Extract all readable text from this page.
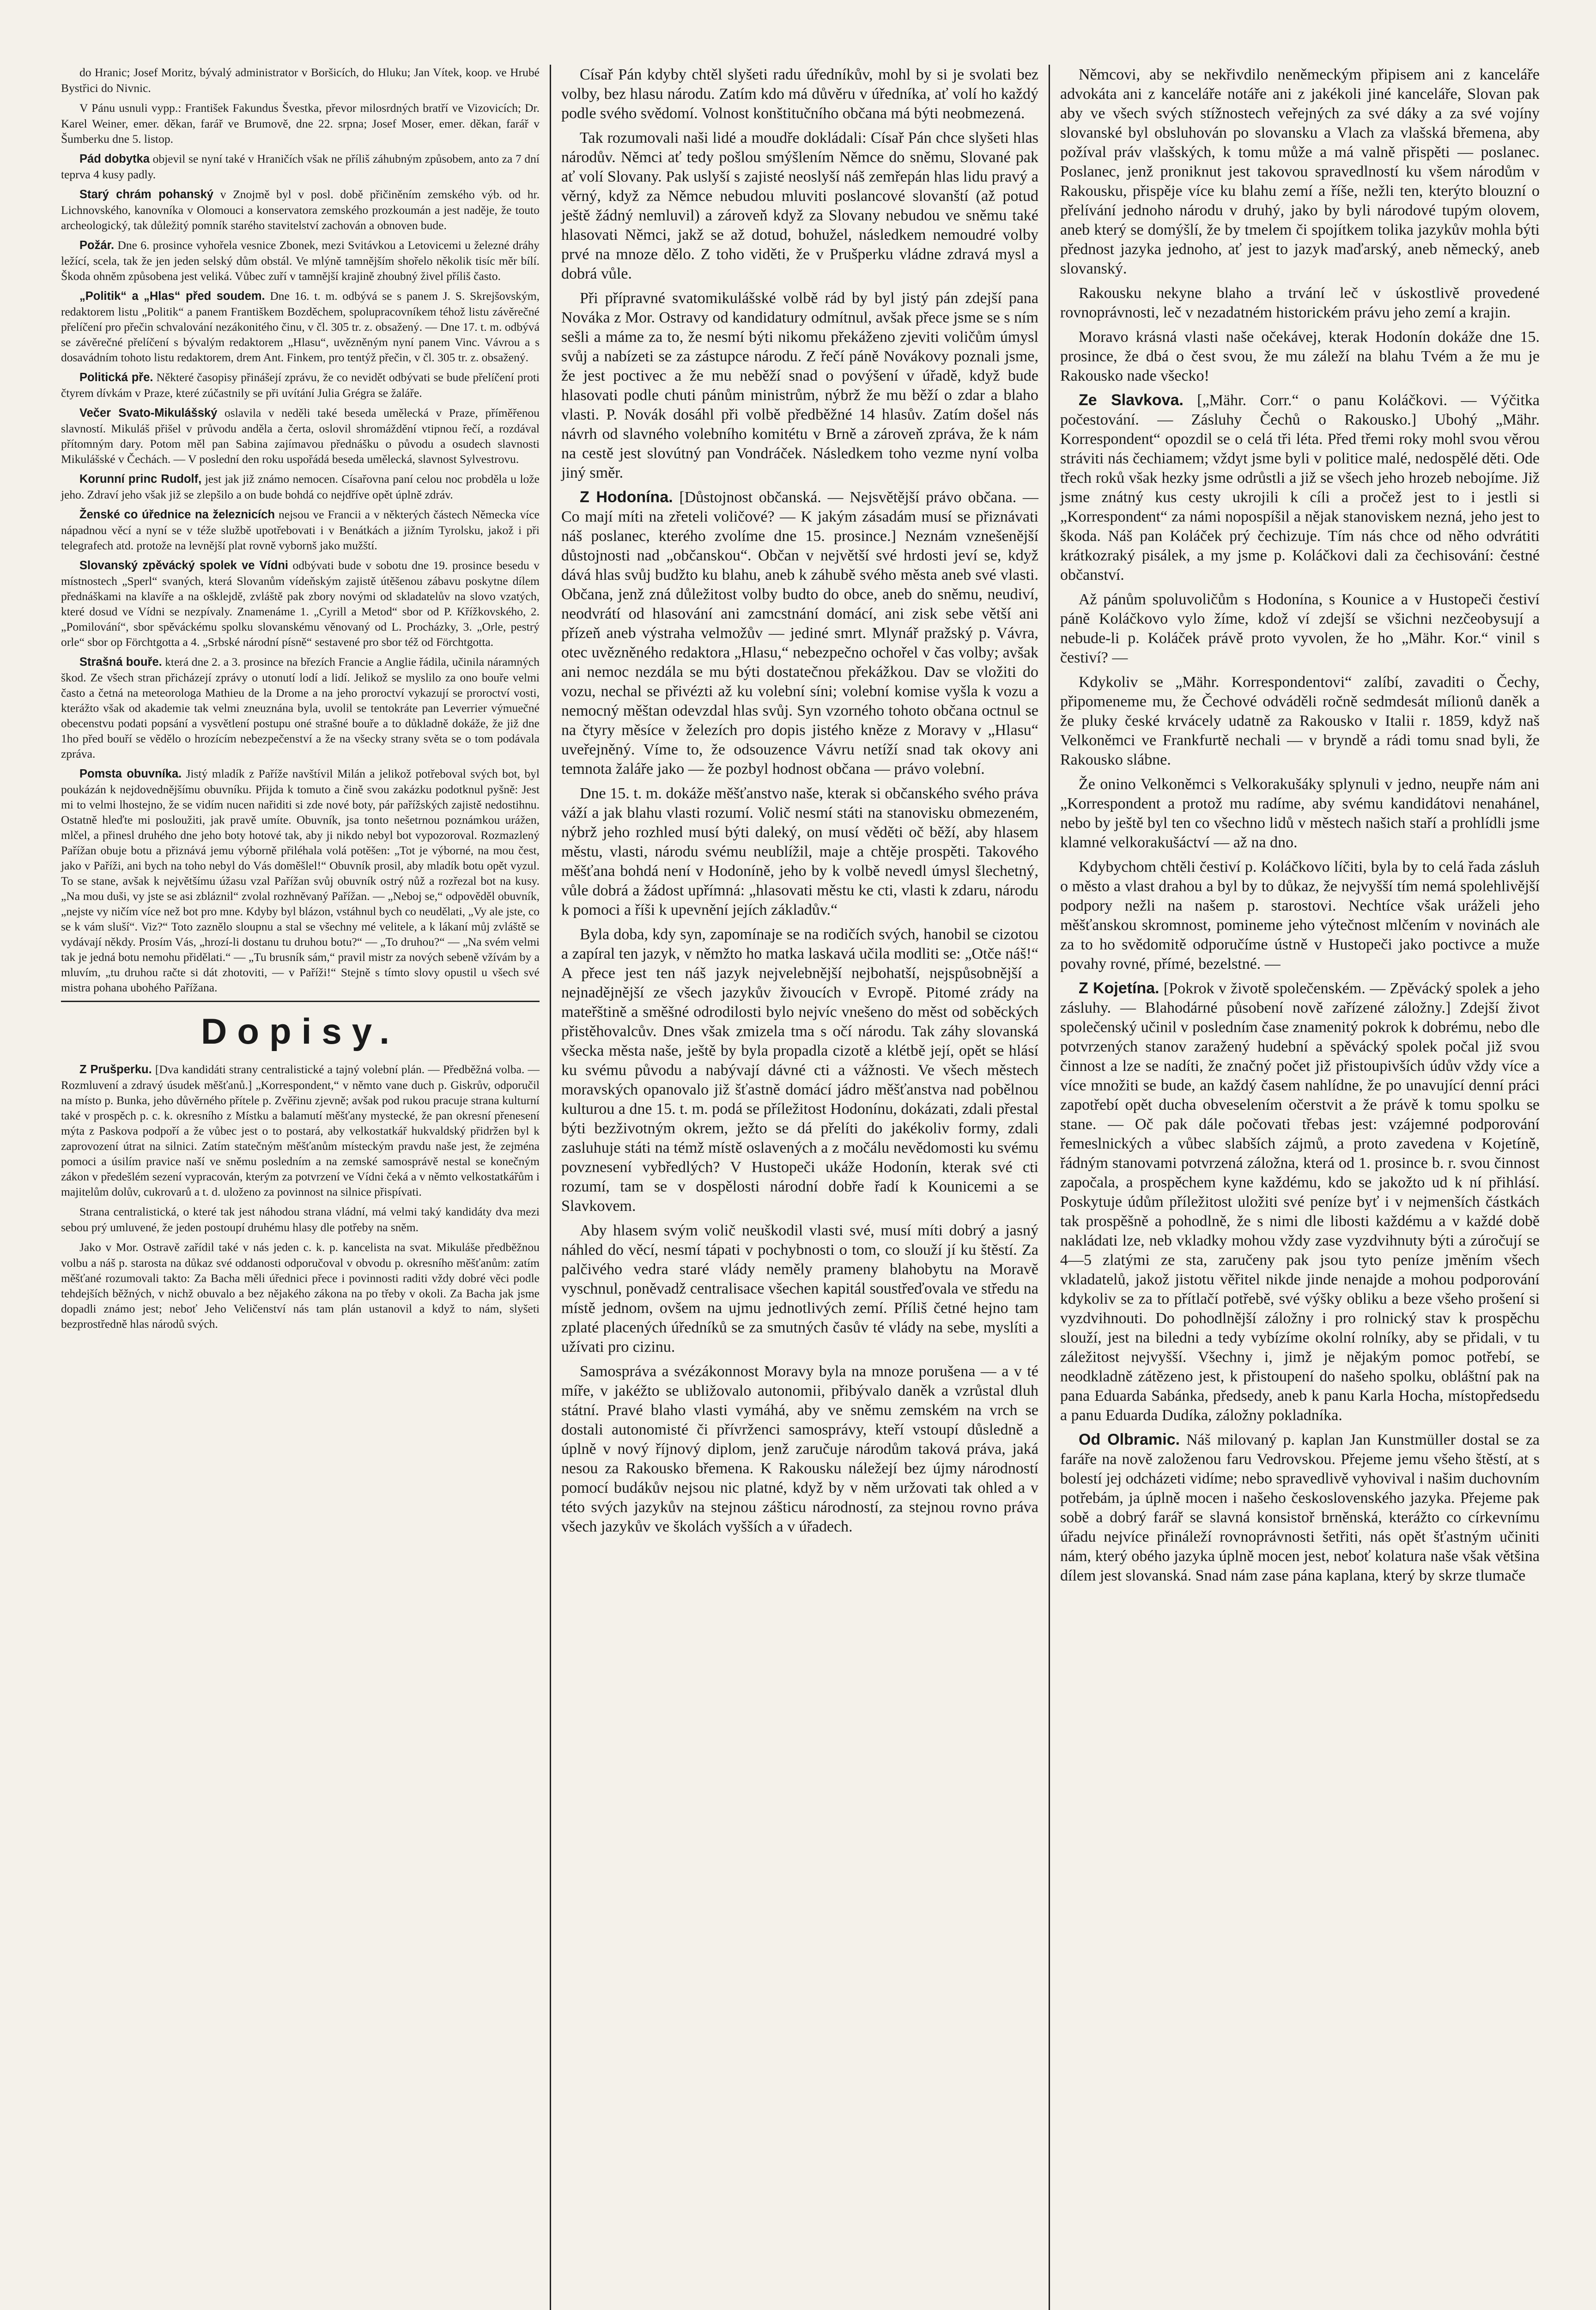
do Hranic; Josef Moritz, bývalý administrator v Boršicích, do Hluku; Jan Vítek, koop. ve Hrubé Bystřici do Nivnic.

V Pánu usnuli vypp.: František Fakundus Švestka, převor milosrdných bratří ve Vizovicích; Dr. Karel Weiner, emer. děkan, farář ve Brumově, dne 22. srpna; Josef Moser, emer. děkan, farář v Šumberku dne 5. listop.

Pád dobytka objevil se nyní také v Hraničích však ne příliš záhubným způsobem, anto za 7 dní teprva 4 kusy padly.

Starý chrám pohanský v Znojmě byl v posl. době přičiněním zemského výb. od hr. Lichnovského, kanovníka v Olomouci a konservatora zemského prozkoumán a jest naděje, že touto archeologický, tak důležitý pomník starého stavitelství zachován a obnoven bude.

Požár. Dne 6. prosince vyhořela vesnice Zbonek, mezi Svitávkou a Letovicemi u železné dráhy ležící, scela, tak že jen jeden selský dům obstál. Ve mlýně tamnějším shořelo několik tisíc měr bílí. Škoda ohněm způsobena jest veliká. Vůbec zuří v tamnější krajině zhoubný živel příliš často.

„Politik“ a „Hlas“ před soudem. Dne 16. t. m. odbývá se s panem J. S. Skrejšovským, redaktorem listu „Politik“ a panem Františkem Bozděchem, spolupracovníkem téhož listu závěrečné přelíčení pro přečin schvalování nezákonitého činu, v čl. 305 tr. z. obsažený. — Dne 17. t. m. odbývá se závěrečné přelíčení s bývalým redaktorem „Hlasu“, uvězněným nyní panem Vinc. Vávrou a s dosavádním tohoto listu redaktorem, drem Ant. Finkem, pro tentýž přečin, v čl. 305 tr. z. obsažený.

Politická pře. Některé časopisy přinášejí zprávu, že co nevidět odbývati se bude přelíčení proti čtyrem dívkám v Praze, které zúčastnily se při uvítání Julia Grégra se žaláře.

Večer Svato-Mikulášský oslavila v neděli také beseda umělecká v Praze, příměřenou slavností. Mikuláš přišel v průvodu anděla a čerta, oslovil shromáždění vtipnou řečí, a rozdával přítomným dary. Potom měl pan Sabina zajímavou přednášku o původu a osudech slavnosti Mikulášské v Čechách. — V poslední den roku uspořádá beseda umělecká, slavnost Sylvestrovu.

Korunní princ Rudolf, jest jak již známo nemocen. Císařovna paní celou noc probděla u lože jeho. Zdraví jeho však již se zlepšilo a on bude bohdá co nejdříve opět úplně zdráv.

Ženské co úřednice na železnicích nejsou ve Francii a v některých částech Německa více nápadnou věcí a nyní se v téže službě upotřebovati i v Benátkách a jižním Tyrolsku, jakož i při telegrafech atd. protože na levnější plat rovně vybornš jako mužští.

Slovanský zpěvácký spolek ve Vídni odbývati bude v sobotu dne 19. prosince besedu v místnostech „Sperl“ svaných, která Slovanům vídeňským zajistě útěšenou zábavu poskytne dílem přednáškami na klavíře a na ošklejdě, zvláště pak zbory novými od skladatelův na slovo vzatých, které dosud ve Vídni se nezpívaly. Znamenáme 1. „Cyrill a Metod“ sbor od P. Křížkovského, 2. „Pomilování“, sbor spěváckému spolku slovanskému věnovaný od L. Procházky, 3. „Orle, pestrý orle“ sbor op Förchtgotta a 4. „Srbské národní písně“ sestavené pro sbor též od Förchtgotta.

Strašná bouře. která dne 2. a 3. prosince na březích Francie a Anglie řádila, učinila náramných škod. Ze všech stran přicházejí zprávy o utonutí lodí a lidí. Jelikož se myslilo za ono bouře velmi často a četná na meteorologa Mathieu de la Drome a na jeho proroctví vykazují se proroctví vosti, kterážto však od akademie tak velmi zneuznána byla, uvolil se tentokráte pan Leverrier výmuečné obecenstvu podati popsání a vysvětlení postupu oné strašné bouře a to důkladně dokáže, že již dne 1ho před bouří se vědělo o hrozícím nebezpečenství a že na všecky strany světa se o tom podávala zpráva.

Pomsta obuvníka. Jistý mladík z Paříže navštívil Milán a jelikož potřeboval svých bot, byl poukázán k nejdovednějšímu obuvníku. Přijda k tomuto a čině svou zakázku podotknul pyšně: Jest mi to velmi lhostejno, že se vidím nucen nařiditi si zde nové boty, pár pařížských zajistě nedostihnu. Ostatně hleďte mi posloužiti, jak pravě umíte. Obuvník, jsa tonto nešetrnou poznámkou urážen, mlčel, a přinesl druhého dne jeho boty hotové tak, aby ji nikdo nebyl bot vypozoroval. Rozmazlený Pařížan obuje botu a přiznává jemu výborně přiléhala volá potěšen: „Tot je výborné, na mou čest, jako v Paříži, ani bych na toho nebyl do Vás doměšlel!“ Obuvník prosil, aby mladík botu opět vyzul. To se stane, avšak k největšímu úžasu vzal Pařížan svůj obuvník ostrý nůž a rozřezal bot na kusy. „Na mou duši, vy jste se asi zbláznil“ zvolal rozhněvaný Pařížan. — „Neboj se,“ odpověděl obuvník, „nejste vy ničím více než bot pro mne. Kdyby byl blázon, vstáhnul bych co neudělati, „Vy ale jste, co se k vám sluší“. Viz?“ Toto zaznělo sloupnu a stal se všechny mé velitele, a k lákaní můj zvláště se vydávají někdy. Prosím Vás, „hrozí-li dostanu tu druhou botu?“ — „To druhou?“ — „Na svém velmi tak je jedná botu nemohu přidělati.“ — „Tu brusník sám,“ pravil mistr za nových sebeně vžívám by a mluvím, „tu druhou račte si dát zhotoviti, — v Paříži!“ Stejně s tímto slovy opustil u všech své mistra pohana ubohého Pařížana.

Dopisy.

Z Prušperku. [Dva kandidáti strany centralistické a tajný volební plán. — Předběžná volba. — Rozmluvení a zdravý úsudek měšťanů.] „Korrespondent,“ v němto vane duch p. Giskrův, odporučil na místo p. Bunka, jeho důvěrného přítele p. Zvěřinu zjevně; avšak pod rukou pracuje strana kulturní také v prospěch p. c. k. okresního z Místku a balamutí měšťany mystecké, že pan okresní přenesení mýta z Paskova podpoří a že vůbec jest o to postará, aby velkostatkář hukvaldský přidržen byl k zaprovození útrat na silnici. Zatím statečným měšťanům místeckým pravdu naše jest, že zejména pomoci a úsilím pravice naší ve sněmu posledním a na zemské samosprávě nestal se konečným zákon v předešlém sezení vypracován, kterým za potvrzení ve Vídni čeká a v němto velkostatkářům i majitelům dolův, cukrovarů a t. d. uloženo za povinnost na silnice přispívati.

Strana centralistická, o které tak jest náhodou strana vládní, má velmi taký kandidáty dva mezi sebou prý umluvené, že jeden postoupí druhému hlasy dle potřeby na sněm.

Jako v Mor. Ostravě zařídil také v nás jeden c. k. p. kancelista na svat. Mikuláše předběžnou volbu a náš p. starosta na důkaz své oddanosti odporučoval v obvodu p. okresního měšťanům: zatím měšťané rozumovali takto: Za Bacha měli úřednici přece i povinnosti raditi vždy dobré věci podle tehdejších běžných, v nichž obuvalo a bez nějakého zákona na po třeby v okoli. Za Bacha jak jsme dopadli známo jest; neboť Jeho Veličenství nás tam plán ustanovil a když to nám, slyšeti bezprostředně hlas národů svých.

Císař Pán kdyby chtěl slyšeti radu úředníkův, mohl by si je svolati bez volby, bez hlasu národu. Zatím kdo má důvěru v úředníka, ať volí ho každý podle svého svědomí. Volnost konštitučního občana má býti neobmezená.

Tak rozumovali naši lidé a moudře dokládali: Císař Pán chce slyšeti hlas národův. Němci ať tedy pošlou smýšlením Němce do sněmu, Slované pak ať volí Slovany. Pak uslyší s zajisté neoslyší náš zemřepán hlas lidu pravý a věrný, když za Němce nebudou mluviti poslancové slovanští (až potud ještě žádný nemluvil) a zároveň když za Slovany nebudou ve sněmu také hlasovati Němci, jakž se až dotud, bohužel, následkem nemoudré volby prvé na mnoze dělo. Z toho viděti, že v Prušperku vládne zdravá mysl a dobrá vůle.

Při přípravné svatomikulášské volbě rád by byl jistý pán zdejší pana Nováka z Mor. Ostravy od kandidatury odmítnul, avšak přece jsme se s ním sešli a máme za to, že nesmí býti nikomu překáženo zjeviti voličům úmysl svůj a nabízeti se za zástupce národu. Z řečí páně Novákovy poznali jsme, že jest poctivec a že mu neběží snad o povýšení v úřadě, když bude hlasovati podle chuti pánům ministrům, nýbrž že mu běží o zdar a blaho vlasti. P. Novák dosáhl při volbě předběžné 14 hlasův. Zatím došel nás návrh od slavného volebního komitétu v Brně a zároveň zpráva, že k nám na cestě jest slovútný pan Vondráček. Následkem toho vezme nyní volba jiný směr.

Z Hodonína. [Důstojnost občanská. — Nejsvětější právo občana. — Co mají míti na zřeteli voličové? — K jakým zásadám musí se přiznávati náš poslanec, kterého zvolíme dne 15. prosince.] Neznám vznešenější důstojnosti nad „občanskou“. Občan v největší své hrdosti jeví se, když dává hlas svůj budžto ku blahu, aneb k záhubě svého města aneb své vlasti. Občana, jenž zná důležitost volby budto do obce, aneb do sněmu, neudiví, neodvrátí od hlasování ani zamcstnání domácí, ani zisk sebe větší ani přízeň aneb výstraha velmožův — jediné smrt. Mlynář pražský p. Vávra, otec uvězněného redaktora „Hlasu,“ nebezpečno ochořel v čas volby; avšak ani nemoc nezdála se mu býti dostatečnou překážkou. Dav se vložiti do vozu, nechal se přivézti až ku volební síni; volební komise vyšla k vozu a nemocný měštan odevzdal hlas svůj. Syn vzorného tohoto občana octnul se na čtyry měsíce v železích pro dopis jistého kněze z Moravy v „Hlasu“ uveřejněný. Víme to, že odsouzence Vávru netíží snad tak okovy ani temnota žaláře jako — že pozbyl hodnost občana — právo volební.

Dne 15. t. m. dokáže měšťanstvo naše, kterak si občanského svého práva váží a jak blahu vlasti rozumí. Volič nesmí státi na stanovisku obmezeném, nýbrž jeho rozhled musí býti daleký, on musí věděti oč běží, aby hlasem městu, vlasti, národu svému neublížil, maje a chtěje prospěti. Takového měšťana bohdá není v Hodoníně, jeho by k volbě nevedl úmysl šlechetný, vůle dobrá a žádost upřímná: „hlasovati městu ke cti, vlasti k zdaru, národu k pomoci a říši k upevnění jejích základův.“

Byla doba, kdy syn, zapomínaje se na rodičích svých, hanobil se cizotou a zapíral ten jazyk, v němžto ho matka laskavá učila modliti se: „Otče náš!“ A přece jest ten náš jazyk nejvelebnější nejbohatší, nejspůsobnější a nejnadějnější ze všech jazykův živoucích v Evropě. Pitomé zrády na mateřštině a směšné odrodilosti bylo nejvíc vnešeno do měst od soběckých přistěhovalcův. Dnes však zmizela tma s očí národu. Tak záhy slovanská všecka města naše, ještě by byla propadla cizotě a klétbě její, opět se hlásí ku svému původu a nabývají dávné cti a vážnosti. Ve všech městech moravských opanovalo již šťastně domácí jádro měšťanstva nad pobělnou kulturou a dne 15. t. m. podá se příležitost Hodonínu, dokázati, zdali přestal býti bezživotným okrem, ježto se dá přelíti do jakékoliv formy, zdali zasluhuje státi na témž místě oslavených a z močálu nevědomosti ku svému povznesení vybředlých? V Hustopeči ukáže Hodonín, kterak své cti rozumí, tam se v dospělosti národní dobře řadí k Kounicemi a se Slavkovem.

Aby hlasem svým volič neuškodil vlasti své, musí míti dobrý a jasný náhled do věcí, nesmí tápati v pochybnosti o tom, co slouží jí ku štěstí. Za palčivého vedra staré vlády neměly prameny blahobytu na Moravě vyschnul, poněvadž centralisace všechen kapitál soustřeďovala ve středu na místě jednom, ovšem na ujmu jednotlivých zemí. Příliš četné hejno tam zplaté placených úředníků se za smutných časův té vlády na sebe, myslíti a užívati pro cizinu.

Samospráva a svézákonnost Moravy byla na mnoze porušena — a v té míře, v jakéžto se ubližovalo autonomii, přibývalo daněk a vzrůstal dluh státní. Pravé blaho vlasti vymáhá, aby ve sněmu zemském na vrch se dostali autonomisté či přívrženci samosprávy, kteří vstoupí důsledně a úplně v nový říjnový diplom, jenž zaručuje národům taková práva, jaká nesou za Rakousko břemena. K Rakousku náležejí bez újmy národností pomocí budákův nejsou nic platné, když by v něm uržovati tak ohled a v této svých jazykův na stejnou zášticu národností, za stejnou rovno práva všech jazykův ve školách vyšších a v úřadech.

Němcovi, aby se nekřivdilo neněmeckým připisem ani z kanceláře advokáta ani z kanceláře notáře ani z jakékoli jiné kanceláře, Slovan pak aby ve všech svých stížnostech veřejných za své dáky a za své vojíny slovanské byl obsluhován po slovansku a Vlach za vlašská břemena, aby požíval práv vlašských, k tomu může a má valně přispěti — poslanec. Poslanec, jenž proniknut jest takovou spravedlností ku všem národům v Rakousku, přispěje více ku blahu zemí a říše, nežli ten, kterýto blouzní o přelívání jednoho národu v druhý, jako by byli národové tupým olovem, aneb který se domýšlí, že by tmelem či spojítkem tolika jazykův mohla býti přednost jazyka jednoho, ať jest to jazyk maďarský, aneb německý, aneb slovanský.

Rakousku nekyne blaho a trvání leč v úskostlivě provedené rovnoprávnosti, leč v nezadatném historickém právu jeho zemí a krajin.

Moravo krásná vlasti naše očekávej, kterak Hodonín dokáže dne 15. prosince, že dbá o čest svou, že mu záleží na blahu Tvém a že mu je Rakousko nade všecko!

Ze Slavkova. [„Mähr. Corr.“ o panu Koláčkovi. — Výčitka počestování. — Zásluhy Čechů o Rakousko.] Ubohý „Mähr. Korrespondent“ opozdil se o celá tři léta. Před třemi roky mohl svou věrou stráviti nás čechiamem; vždyt jsme byli v politice malé, nedospělé děti. Ode třech roků však hezky jsme odrůstli a již se všech jeho hrozeb nebojíme. Již jsme znátný kus cesty ukrojili k cíli a pročež jest to i jestli si „Korrespondent“ za námi nopospíšil a nějak stanoviskem nezná, jeho jest to škoda. Náš pan Koláček prý čechizuje. Tím nás chce od něho odvrátiti krátkozraký pisálek, a my jsme p. Koláčkovi dali za čechisování: čestné občanství.

Až pánům spoluvoličům s Hodonína, s Kounice a v Hustopeči čestiví páně Koláčkovo vylo žíme, kdož ví zdejší se všichni nezčeobysují a nebude-li p. Koláček právě proto vyvolen, že ho „Mähr. Kor.“ vinil s čestiví? —

Kdykoliv se „Mähr. Korrespondentovi“ zalíbí, zavaditi o Čechy, připomeneme mu, že Čechové odváděli ročně sedmdesát mílionů daněk a že pluky české krvácely udatně za Rakousko v Italii r. 1859, když naš Velkoněmci ve Frankfurtě nechali — v bryndě a rádi tomu snad byli, že Rakousko slábne.

Že onino Velkoněmci s Velkorakušáky splynuli v jedno, neupře nám ani „Korrespondent a protož mu radíme, aby svému kandidátovi nenahánel, nebo by ještě byl ten co všechno lidů v městech našich staří a prohlídli jsme klamné velkorakušáctví — až na dno.

Kdybychom chtěli čestiví p. Koláčkovo líčiti, byla by to celá řada zásluh o město a vlast drahou a byl by to důkaz, že nejvyšší tím nemá spolehlivější podpory nežli na našem p. starostovi. Nechtíce však uráželi jeho měšťanskou skromnost, pomineme jeho výtečnost mlčením v novinách ale za to ho svědomitě odporučíme ústně v Hustopeči jako poctivce a muže povahy rovné, přímé, bezelstné. —

Z Kojetína. [Pokrok v životě společenském. — Zpěvácký spolek a jeho zásluhy. — Blahodárné působení nově zařízené záložny.] Zdejší život společenský učinil v posledním čase znamenitý pokrok k dobrému, nebo dle potvrzených stanov zaražený hudební a spěvácký spolek počal již svou činnost a lze se nadíti, že značný počet již přistoupivších údův vždy více a více množiti se bude, an každý časem nahlídne, že po unavující denní práci zapotřebí opět ducha obveselením očerstvit a že právě k tomu spolku se stane. — Oč pak dále počovati třebas jest: vzájemné podporování řemeslnických a vůbec slabších zájmů, a proto zavedena v Kojetíně, řádným stanovami potvrzená záložna, která od 1. prosince b. r. svou činnost započala, a prospěchem kyne každému, kdo se jakožto ud k ní přihlásí. Poskytuje údům příležitost uložiti své peníze byť i v nejmenších částkách tak prospěšně a pohodlně, že s nimi dle libosti každému a v každé době nakládati lze, neb vkladky mohou vždy zase vyzdvihnuty býti a zúročují se 4—5 zlatými ze sta, zaručeny pak jsou tyto peníze jměním všech vkladatelů, jakož jistotu věřitel nikde jinde nenajde a mohou podporování kdykoliv se za to přítlačí potřebě, své výšky obliku a beze všeho prošení si vyzdvihnouti. Do pohodlnější záložny i pro rolnický stav k prospěchu slouží, jest na biledni a tedy vybízíme okolní rolníky, aby se přidali, v tu záležitost nejvyšší. Všechny i, jimž je nějakým pomoc potřebí, se neodkladně zátězeno jest, k přistoupení do našeho spolku, obláštní pak na pana Eduarda Sabánka, předsedy, aneb k panu Karla Hocha, místopředsedu a panu Eduarda Dudíka, záložny pokladníka.

Od Olbramic. Náš milovaný p. kaplan Jan Kunstmüller dostal se za faráře na nově založenou faru Vedrovskou. Přejeme jemu všeho štěstí, at s bolestí jej odcházeti vidíme; nebo spravedlivě vyhovival i našim duchovním potřebám, ja úplně mocen i našeho československého jazyka. Přejeme pak sobě a dobrý farář se slavná konsistoř brněnská, kterážto co církevnímu úřadu nejvíce přináleží rovnoprávnosti šetřiti, nás opět šťastným učiniti nám, který obého jazyka úplně mocen jest, neboť kolatura naše však většina dílem jest slovanská. Snad nám zase pána kaplana, který by skrze tlumače
